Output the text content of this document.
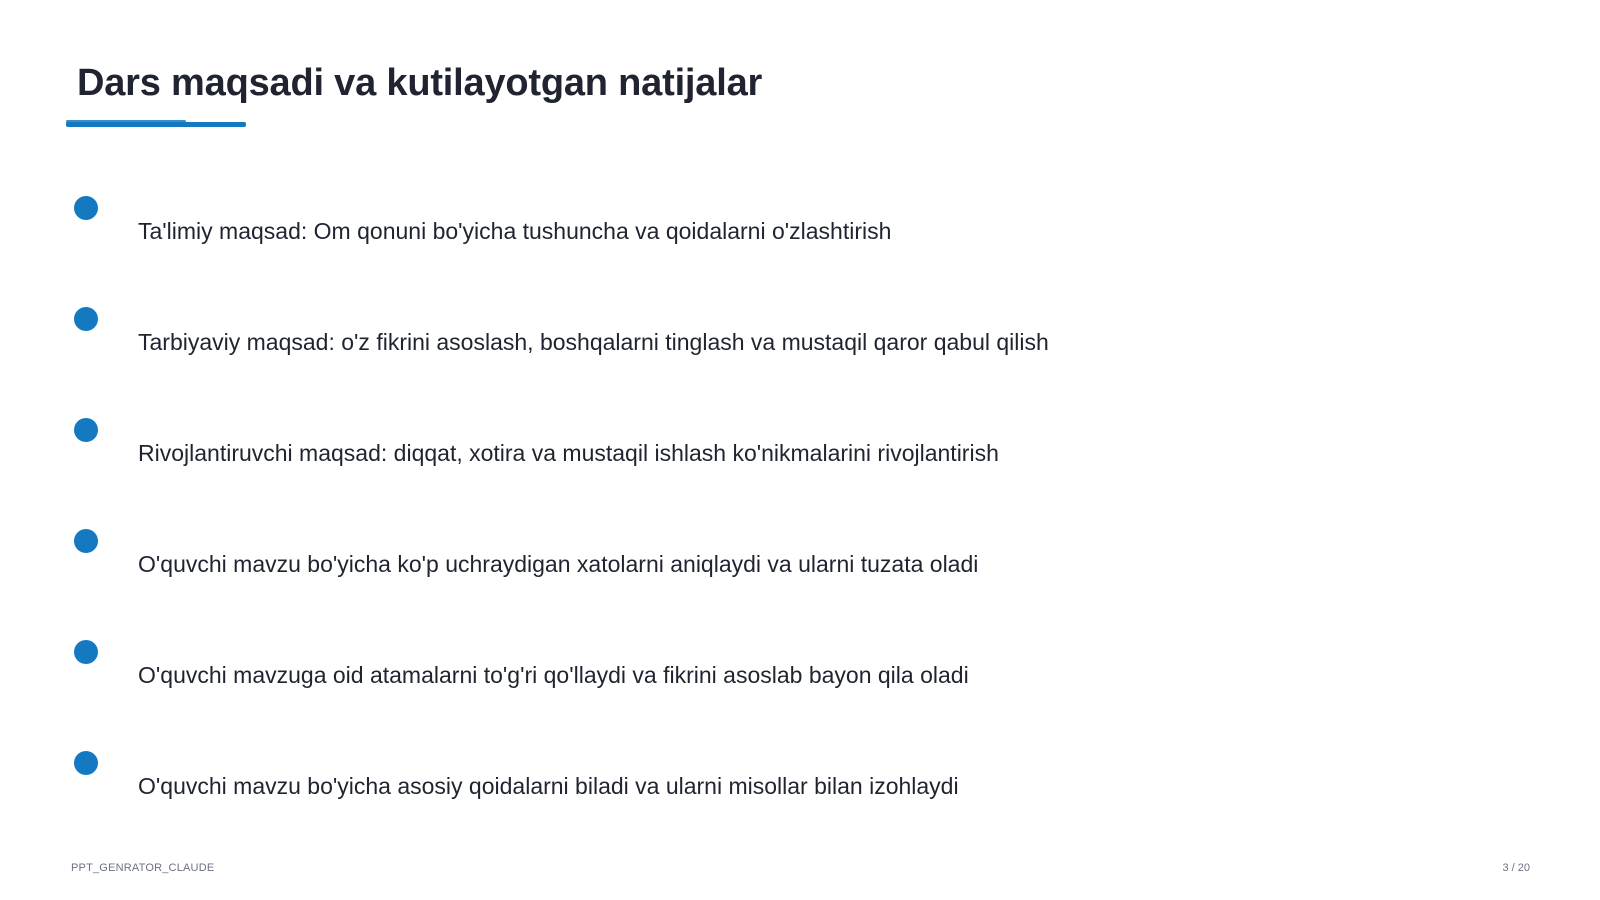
Dars maqsadi va kutilayotgan natijalar
Ta'limiy maqsad: Om qonuni bo'yicha tushuncha va qoidalarni o'zlashtirish
Tarbiyaviy maqsad: o'z fikrini asoslash, boshqalarni tinglash va mustaqil qaror qabul qilish
Rivojlantiruvchi maqsad: diqqat, xotira va mustaqil ishlash ko'nikmalarini rivojlantirish
O'quvchi mavzu bo'yicha ko'p uchraydigan xatolarni aniqlaydi va ularni tuzata oladi
O'quvchi mavzuga oid atamalarni to'g'ri qo'llaydi va fikrini asoslab bayon qila oladi
O'quvchi mavzu bo'yicha asosiy qoidalarni biladi va ularni misollar bilan izohlaydi
PPT_GENRATOR_CLAUDE	3 / 20
